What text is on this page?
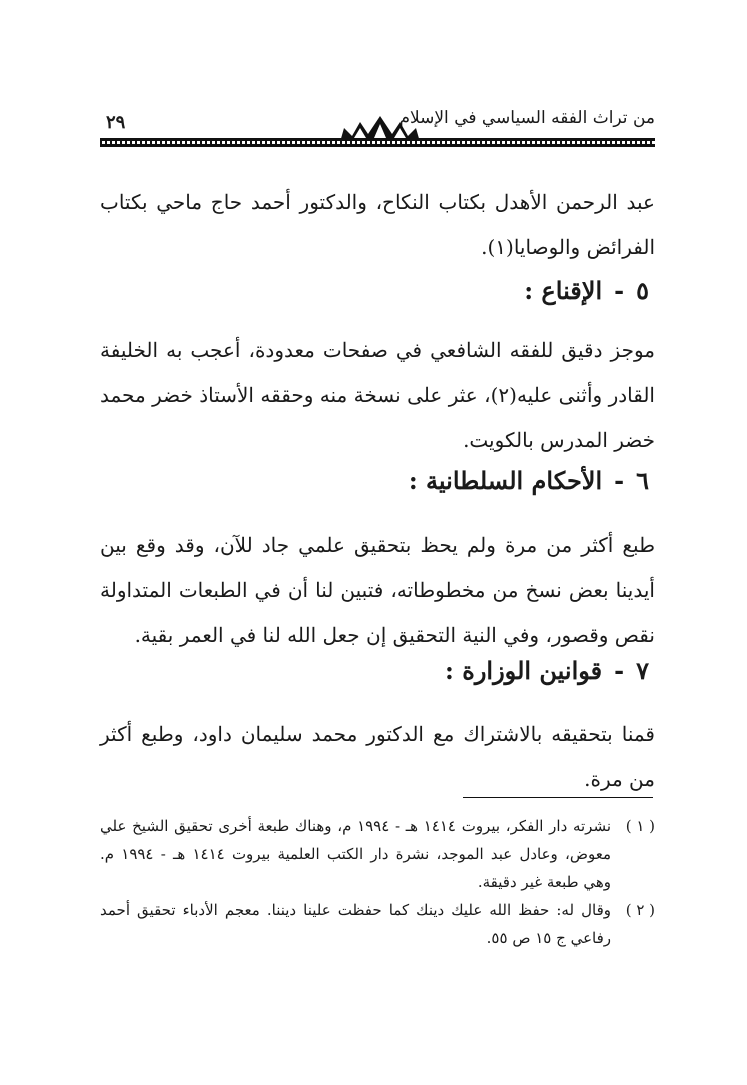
من تراث الفقه السياسي في الإسلام
٢٩

عبد الرحمن الأهدل بكتاب النكاح، والدكتور أحمد حاج ماحي بكتاب الفرائض والوصايا(١).

٥-الإقناع :

موجز دقيق للفقه الشافعي في صفحات معدودة، أعجب به الخليفة القادر وأثنى عليه(٢)، عثر على نسخة منه وحققه الأستاذ خضر محمد خضر المدرس بالكويت.

٦-الأحكام السلطانية :

طبع أكثر من مرة ولم يحظ بتحقيق علمي جاد للآن، وقد وقع بين أيدينا بعض نسخ من مخطوطاته، فتبين لنا أن في الطبعات المتداولة نقص وقصور، وفي النية التحقيق إن جعل الله لنا في العمر بقية.

٧-قوانين الوزارة :

قمنا بتحقيقه بالاشتراك مع الدكتور محمد سليمان داود، وطبع أكثر من مرة.

( ١ )
نشرته دار الفكر، بيروت ١٤١٤ هـ - ١٩٩٤ م، وهناك طبعة أخرى تحقيق الشيخ علي معوض، وعادل عبد الموجد، نشرة دار الكتب العلمية بيروت ١٤١٤ هـ - ١٩٩٤ م. وهي طبعة غير دقيقة.
( ٢ )
وقال له: حفظ الله عليك دينك كما حفظت علينا ديننا. معجم الأدباء تحقيق أحمد رفاعي ج ١٥ ص ٥٥.
